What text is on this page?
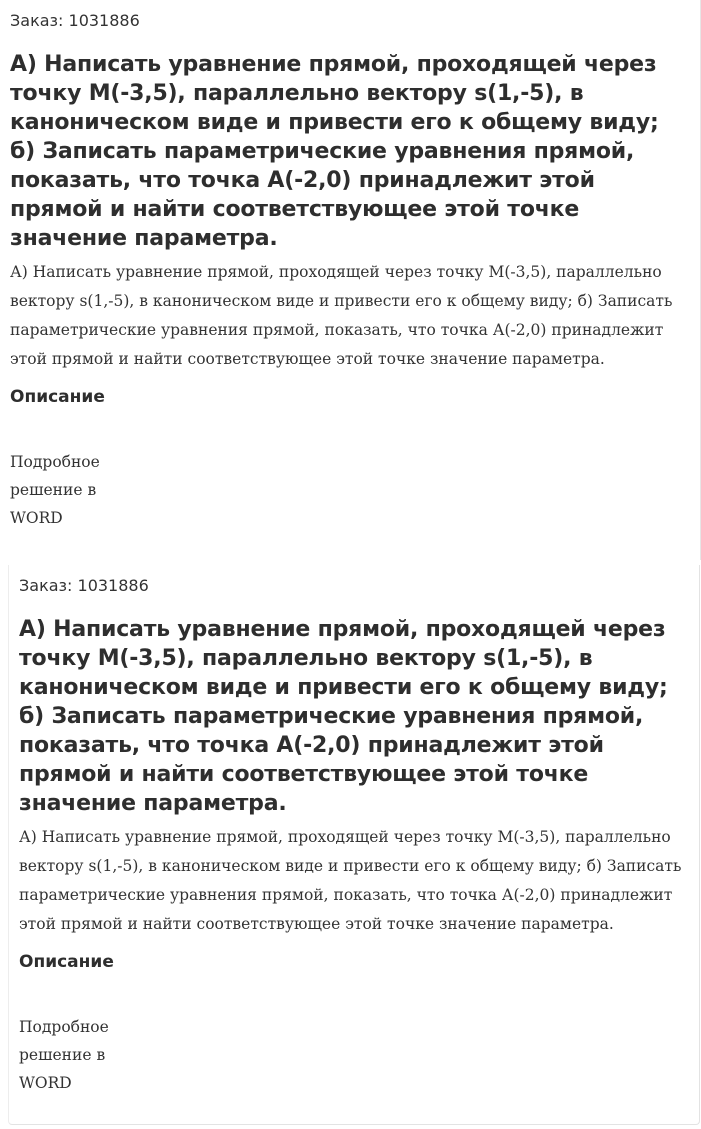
Заказ: 1031886
А) Написать уравнение прямой, проходящей через точку M(-3,5), параллельно вектору s(1,-5), в каноническом виде и привести его к общему виду; б) Записать параметрические уравнения прямой, показать, что точка А(-2,0) принадлежит этой прямой и найти соответствующее этой точке значение параметра.
А) Написать уравнение прямой, проходящей через точку M(-3,5), параллельно вектору s(1,-5), в каноническом виде и привести его к общему виду; б) Записать параметрические уравнения прямой, показать, что точка А(-2,0) принадлежит этой прямой и найти соответствующее этой точке значение параметра.
Описание
Подробное решение в WORD
Заказ: 1031886
А) Написать уравнение прямой, проходящей через точку M(-3,5), параллельно вектору s(1,-5), в каноническом виде и привести его к общему виду; б) Записать параметрические уравнения прямой, показать, что точка А(-2,0) принадлежит этой прямой и найти соответствующее этой точке значение параметра.
А) Написать уравнение прямой, проходящей через точку M(-3,5), параллельно вектору s(1,-5), в каноническом виде и привести его к общему виду; б) Записать параметрические уравнения прямой, показать, что точка А(-2,0) принадлежит этой прямой и найти соответствующее этой точке значение параметра.
Описание
Подробное решение в WORD
